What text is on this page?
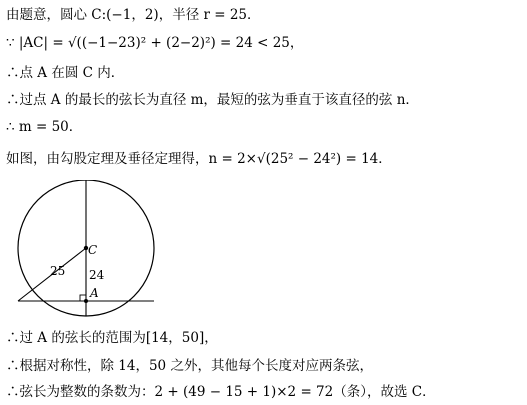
由题意，圆心 C:(−1，2)，半径 r = 25．
∵ |AC| = √((−1−23)² + (2−2)²) = 24 < 25，
∴点 A 在圆 C 内．
∴过点 A 的最长的弦长为直径 m，最短的弦为垂直于该直径的弦 n．
∴ m = 50．
如图，由勾股定理及垂径定理得，n = 2×√(25² − 24²) = 14．
C
A
25 24
∴过 A 的弦长的范围为[14，50]，
∴根据对称性，除 14，50 之外，其他每个长度对应两条弦，
∴弦长为整数的条数为：2 + (49 − 15 + 1)×2 = 72（条），故选 C．
